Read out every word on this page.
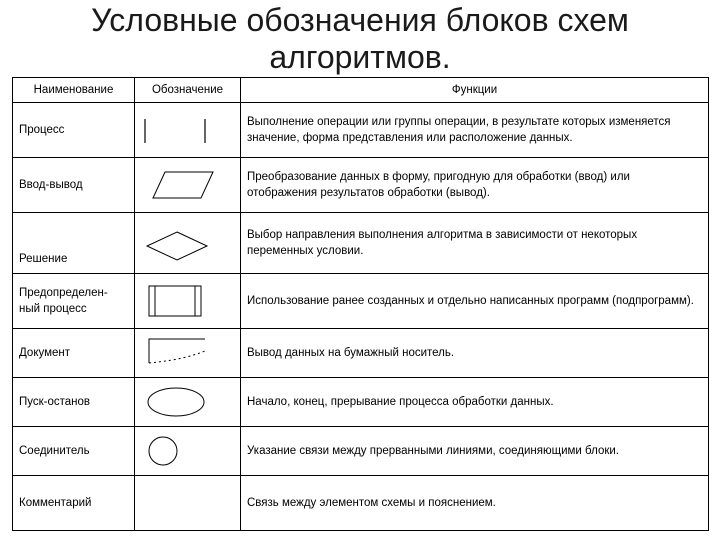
Условные обозначения блоков схем
алгоритмов.
Наименование	Обозначение	Функции
Процесс		Выполнение операции или группы операции, в результате которых изменяется значение, форма представления или расположение данных.
Ввод-вывод		Преобразование данных в форму, пригодную для обработки (ввод) или отображения результатов обработки (вывод).
Решение		Выбор направления выполнения алгоритма в зависимости от некоторых переменных условии.
Предопределен-ный процесс		Использование ранее созданных и отдельно написанных программ (подпрограмм).
Документ		Вывод данных на бумажный носитель.
Пуск-останов		Начало, конец, прерывание процесса обработки данных.
Соединитель		Указание связи между прерванными линиями, соединяющими блоки.
Комментарий		Связь между элементом схемы и пояснением.
